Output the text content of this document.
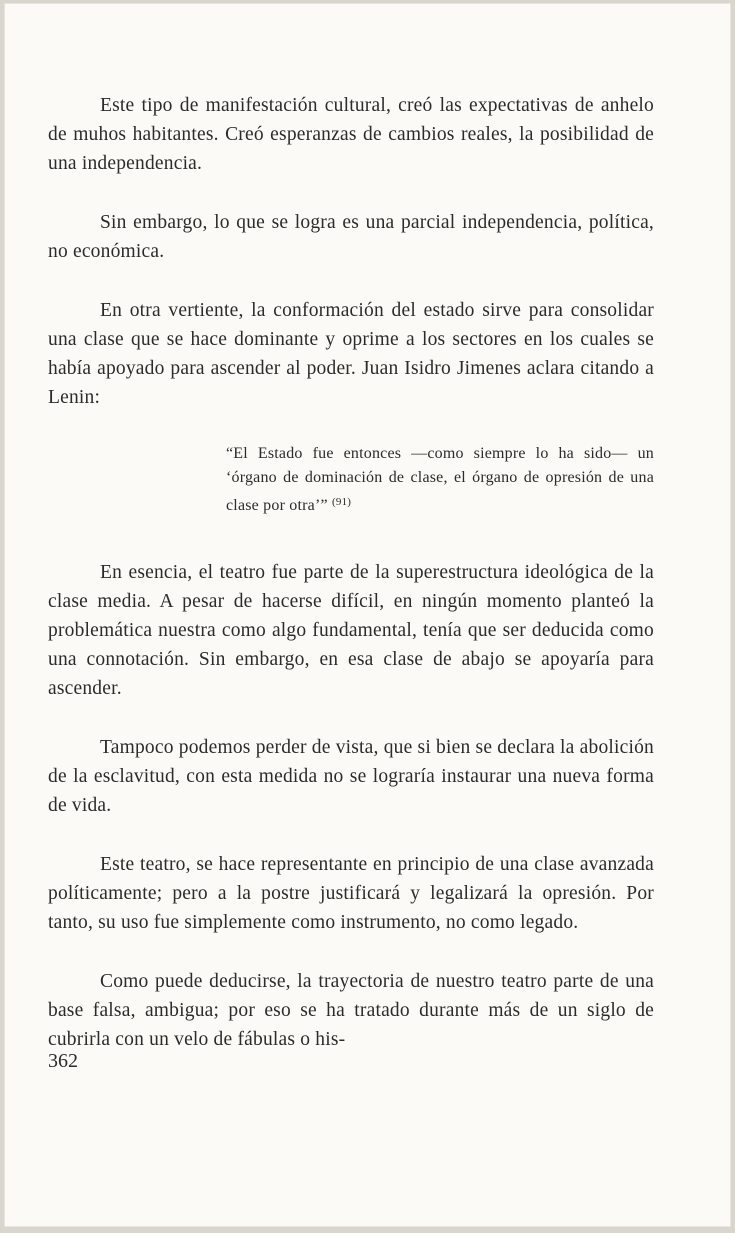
Este tipo de manifestación cultural, creó las expectativas de anhelo de muhos habitantes. Creó esperanzas de cambios reales, la posibilidad de una independencia.

Sin embargo, lo que se logra es una parcial independencia, política, no económica.

En otra vertiente, la conformación del estado sirve para consolidar una clase que se hace dominante y oprime a los sectores en los cuales se había apoyado para ascender al poder. Juan Isidro Jimenes aclara citando a Lenin:

“El Estado fue entonces —como siempre lo ha sido— un ‘órgano de dominación de clase, el órgano de opresión de una clase por otra’” $^{(91)}$

En esencia, el teatro fue parte de la superestructura ideológica de la clase media. A pesar de hacerse difícil, en ningún momento planteó la problemática nuestra como algo fundamental, tenía que ser deducida como una connotación. Sin embargo, en esa clase de abajo se apoyaría para ascender.

Tampoco podemos perder de vista, que si bien se declara la abolición de la esclavitud, con esta medida no se lograría instaurar una nueva forma de vida.

Este teatro, se hace representante en principio de una clase avanzada políticamente; pero a la postre justificará y legalizará la opresión. Por tanto, su uso fue simplemente como instrumento, no como legado.

Como puede deducirse, la trayectoria de nuestro teatro parte de una base falsa, ambigua; por eso se ha tratado durante más de un siglo de cubrirla con un velo de fábulas o his-

362
